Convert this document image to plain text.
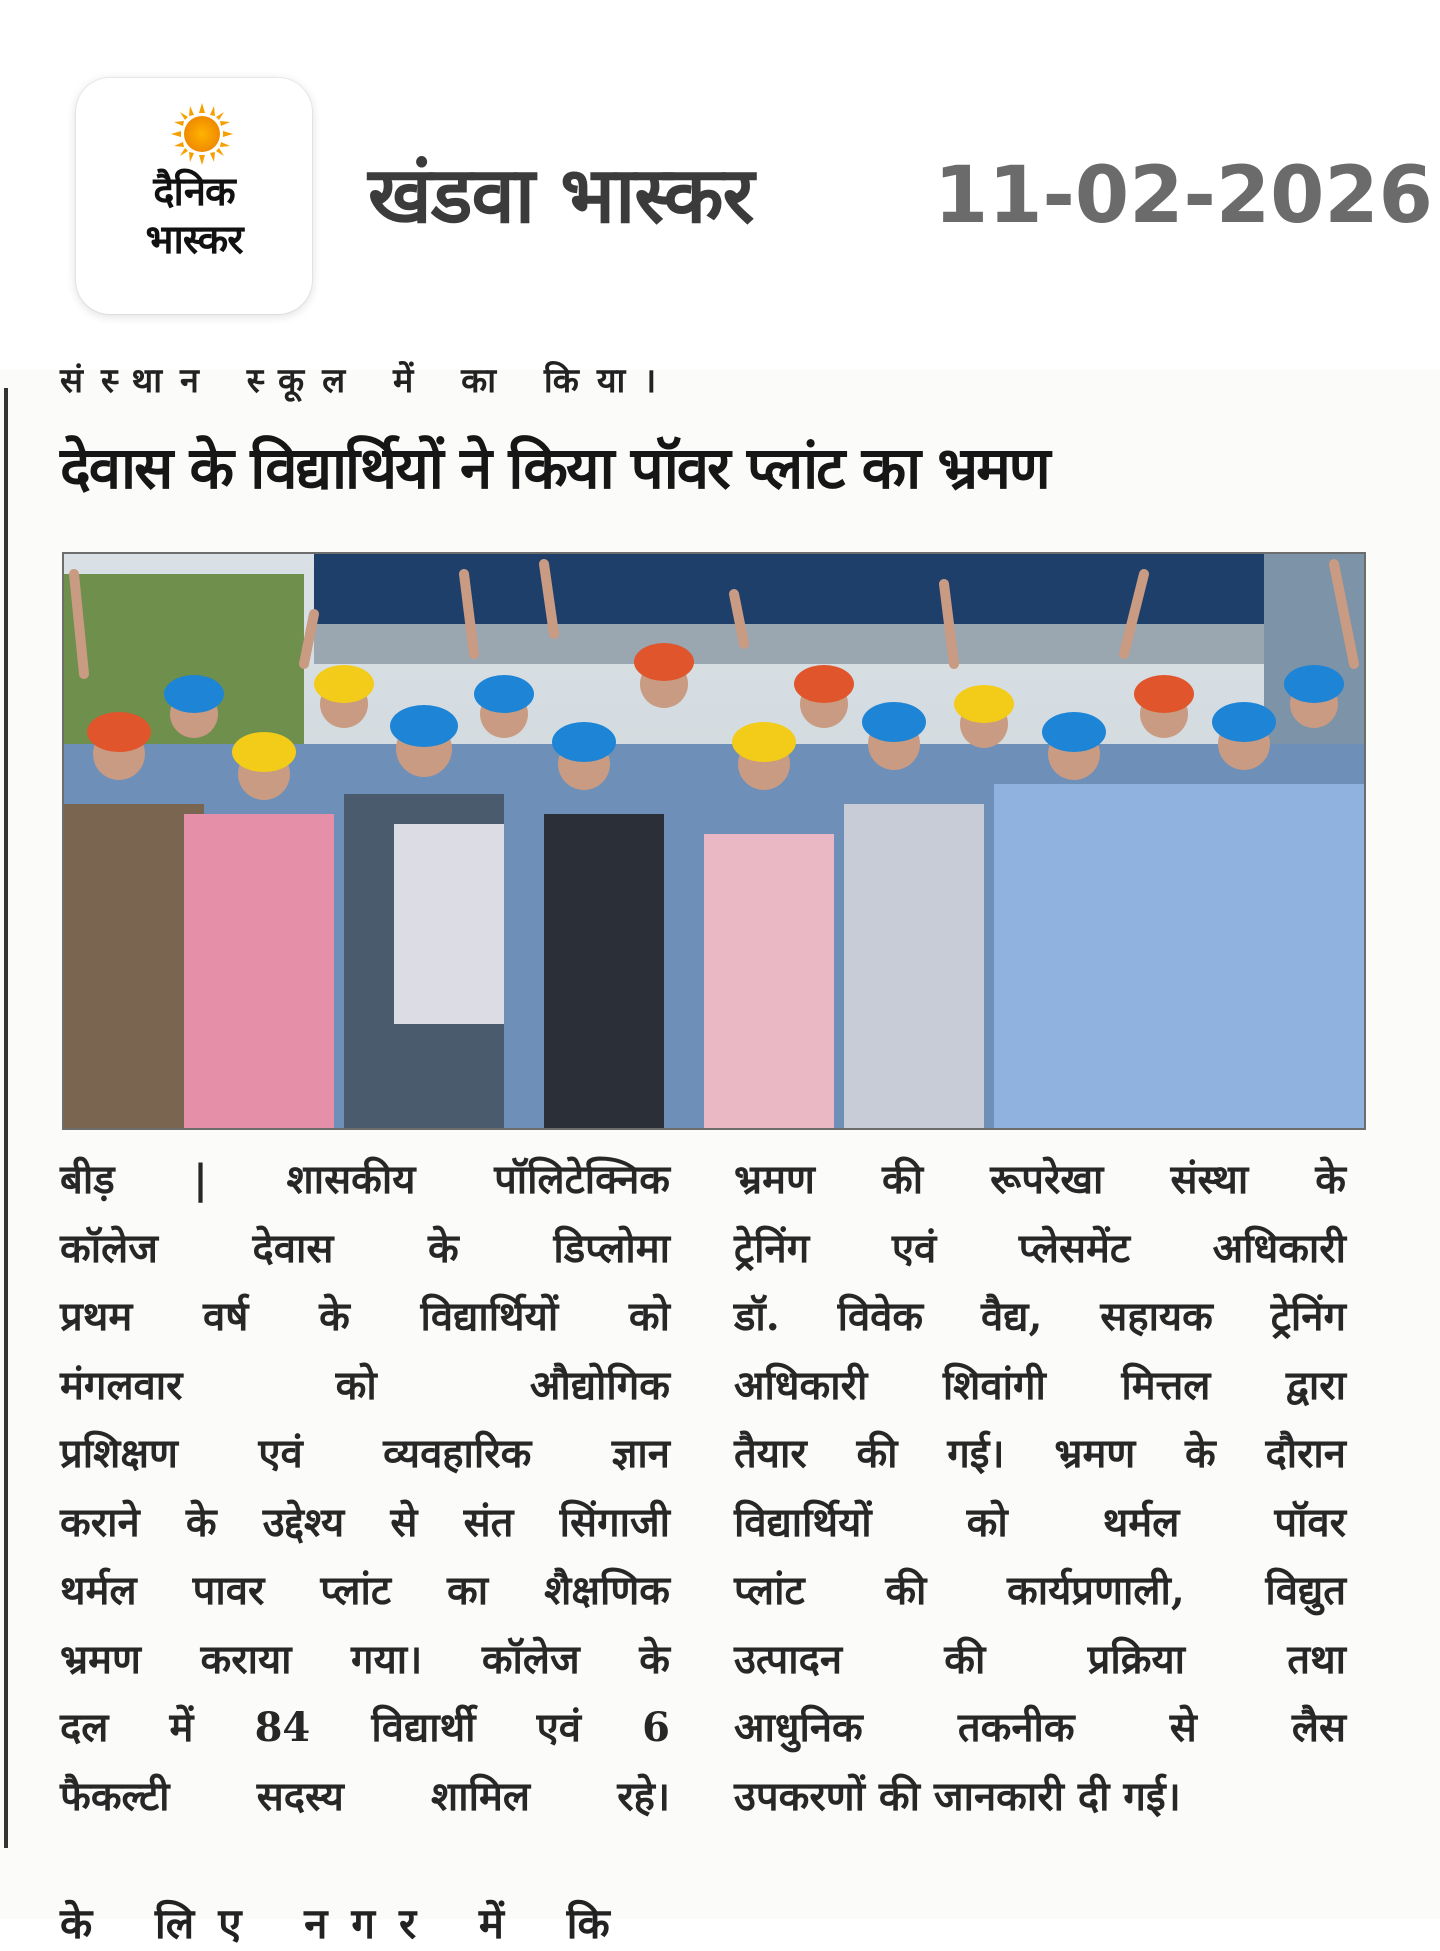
दैनिक
भास्कर	खंडवा भास्कर 11-02-2026
संस्थान स्कूल में का किया।
देवास के विद्यार्थियों ने किया पॉवर प्लांट का भ्रमण

बीड़ | शासकीय पॉलिटेक्निक

कॉलेज देवास के डिप्लोमा

प्रथम वर्ष के विद्यार्थियों को

मंगलवार को औद्योगिक

प्रशिक्षण एवं व्यवहारिक ज्ञान

कराने के उद्देश्य से संत सिंगाजी

थर्मल पावर प्लांट का शैक्षणिक

भ्रमण कराया गया। कॉलेज के

दल में 84 विद्यार्थी एवं 6

फैकल्टी सदस्य शामिल रहे।

भ्रमण की रूपरेखा संस्था के

ट्रेनिंग एवं प्लेसमेंट अधिकारी

डॉ. विवेक वैद्य, सहायक ट्रेनिंग

अधिकारी शिवांगी मित्तल द्वारा

तैयार की गई। भ्रमण के दौरान

विद्यार्थियों को थर्मल पॉवर

प्लांट की कार्यप्रणाली, विद्युत

उत्पादन की प्रक्रिया तथा

आधुनिक तकनीक से लैस

उपकरणों की जानकारी दी गई।

के लिए नगर में कि
